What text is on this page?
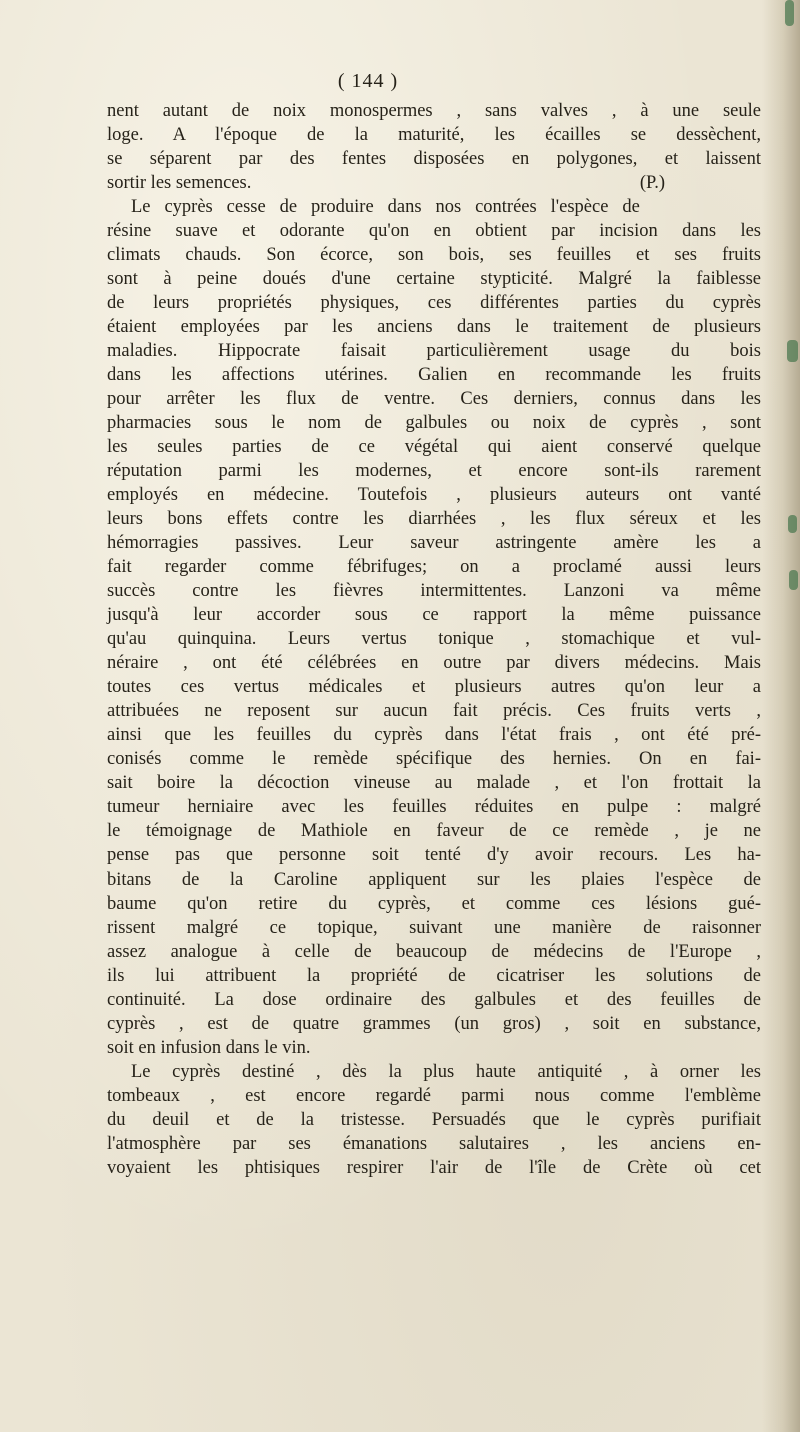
( 144 )
nent autant de noix monospermes , sans valves , à une seule
loge. A l'époque de la maturité, les écailles se dessèchent,
se séparent par des fentes disposées en polygones, et laissent
sortir les semences.	(P.)
Le cyprès cesse de produire dans nos contrées l'espèce de
résine suave et odorante qu'on en obtient par incision dans les
climats chauds. Son écorce, son bois, ses feuilles et ses fruits
sont à peine doués d'une certaine stypticité. Malgré la faiblesse
de leurs propriétés physiques, ces différentes parties du cyprès
étaient employées par les anciens dans le traitement de plusieurs
maladies. Hippocrate faisait particulièrement usage du bois
dans les affections utérines. Galien en recommande les fruits
pour arrêter les flux de ventre. Ces derniers, connus dans les
pharmacies sous le nom de galbules ou noix de cyprès , sont
les seules parties de ce végétal qui aient conservé quelque
réputation parmi les modernes, et encore sont-ils rarement
employés en médecine. Toutefois , plusieurs auteurs ont vanté
leurs bons effets contre les diarrhées , les flux séreux et les
hémorragies passives. Leur saveur astringente amère les a
fait regarder comme fébrifuges; on a proclamé aussi leurs
succès contre les fièvres intermittentes. Lanzoni va même
jusqu'à leur accorder sous ce rapport la même puissance
qu'au quinquina. Leurs vertus tonique , stomachique et vul-
néraire , ont été célébrées en outre par divers médecins. Mais
toutes ces vertus médicales et plusieurs autres qu'on leur a
attribuées ne reposent sur aucun fait précis. Ces fruits verts ,
ainsi que les feuilles du cyprès dans l'état frais , ont été pré-
conisés comme le remède spécifique des hernies. On en fai-
sait boire la décoction vineuse au malade , et l'on frottait la
tumeur herniaire avec les feuilles réduites en pulpe : malgré
le témoignage de Mathiole en faveur de ce remède , je ne
pense pas que personne soit tenté d'y avoir recours. Les ha-
bitans de la Caroline appliquent sur les plaies l'espèce de
baume qu'on retire du cyprès, et comme ces lésions gué-
rissent malgré ce topique, suivant une manière de raisonner
assez analogue à celle de beaucoup de médecins de l'Europe ,
ils lui attribuent la propriété de cicatriser les solutions de
continuité. La dose ordinaire des galbules et des feuilles de
cyprès , est de quatre grammes (un gros) , soit en substance,
soit en infusion dans le vin.
Le cyprès destiné , dès la plus haute antiquité , à orner les
tombeaux , est encore regardé parmi nous comme l'emblème
du deuil et de la tristesse. Persuadés que le cyprès purifiait
l'atmosphère par ses émanations salutaires , les anciens en-
voyaient les phtisiques respirer l'air de l'île de Crète où cet
